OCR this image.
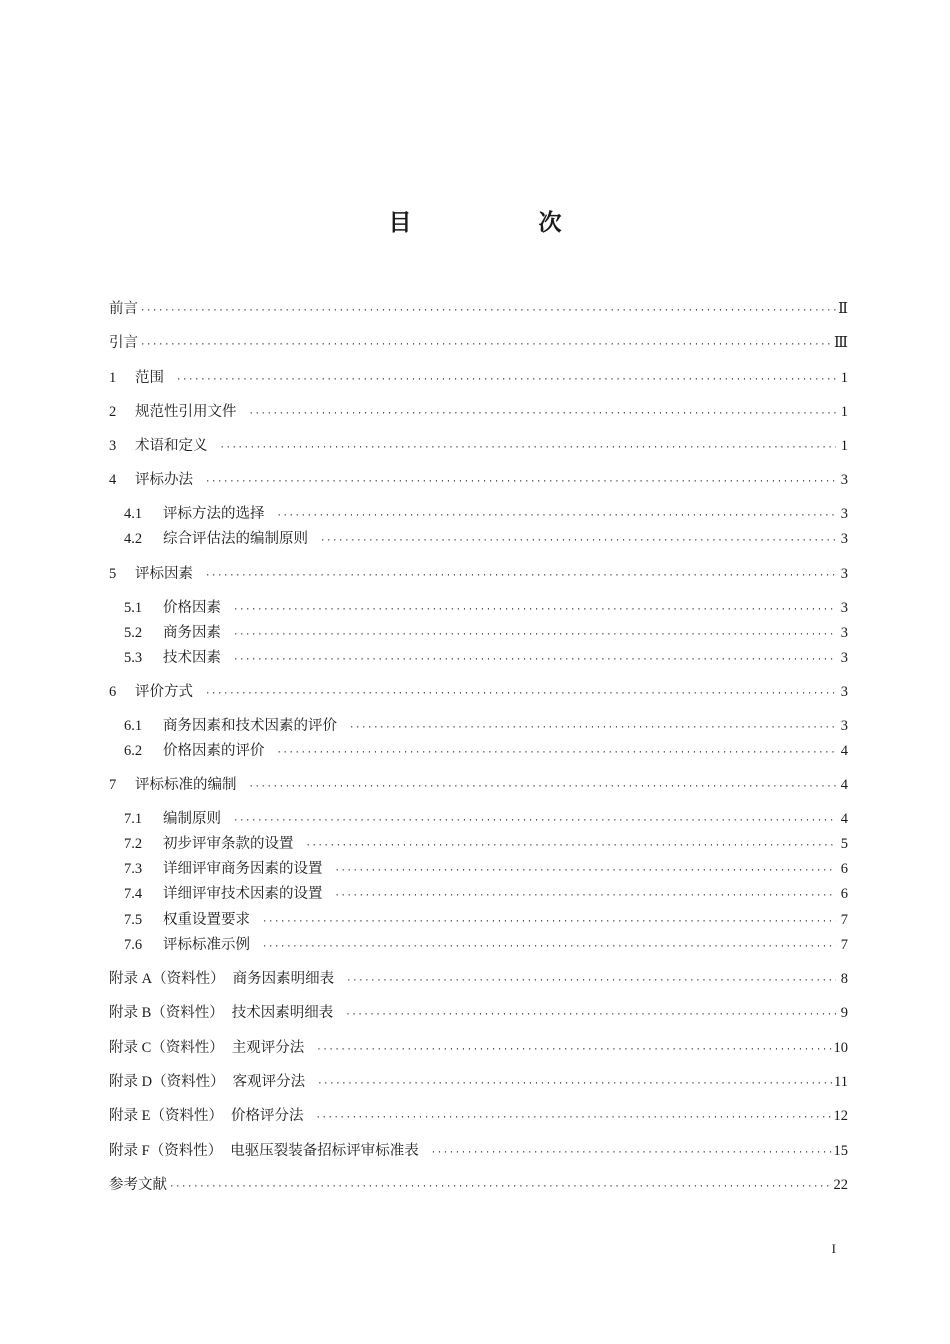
目　次
前言 ·····	Ⅱ
引言 ·····	Ⅲ
1	范围 ·····	1
2	规范性引用文件 ·····	1
3	术语和定义 ·····	1
4	评标办法 ·····	3
4.1	评标方法的选择 ·····	3
4.2	综合评估法的编制原则 ·····	3
5	评标因素 ·····	3
5.1	价格因素 ·····	3
5.2	商务因素 ·····	3
5.3	技术因素 ·····	3
6	评价方式 ·····	3
6.1	商务因素和技术因素的评价 ·····	3
6.2	价格因素的评价 ·····	4
7	评标标准的编制 ·····	4
7.1	编制原则 ·····	4
7.2	初步评审条款的设置 ·····	5
7.3	详细评审商务因素的设置 ·····	6
7.4	详细评审技术因素的设置 ·····	6
7.5	权重设置要求 ·····	7
7.6	评标标准示例 ·····	7
附录 A（资料性） 商务因素明细表 ·····	8
附录 B（资料性） 技术因素明细表 ·····	9
附录 C（资料性） 主观评分法 ·····	10
附录 D（资料性） 客观评分法 ·····	11
附录 E（资料性） 价格评分法 ·····	12
附录 F（资料性） 电驱压裂装备招标评审标准表 ·····	15
参考文献 ·····	22
I
